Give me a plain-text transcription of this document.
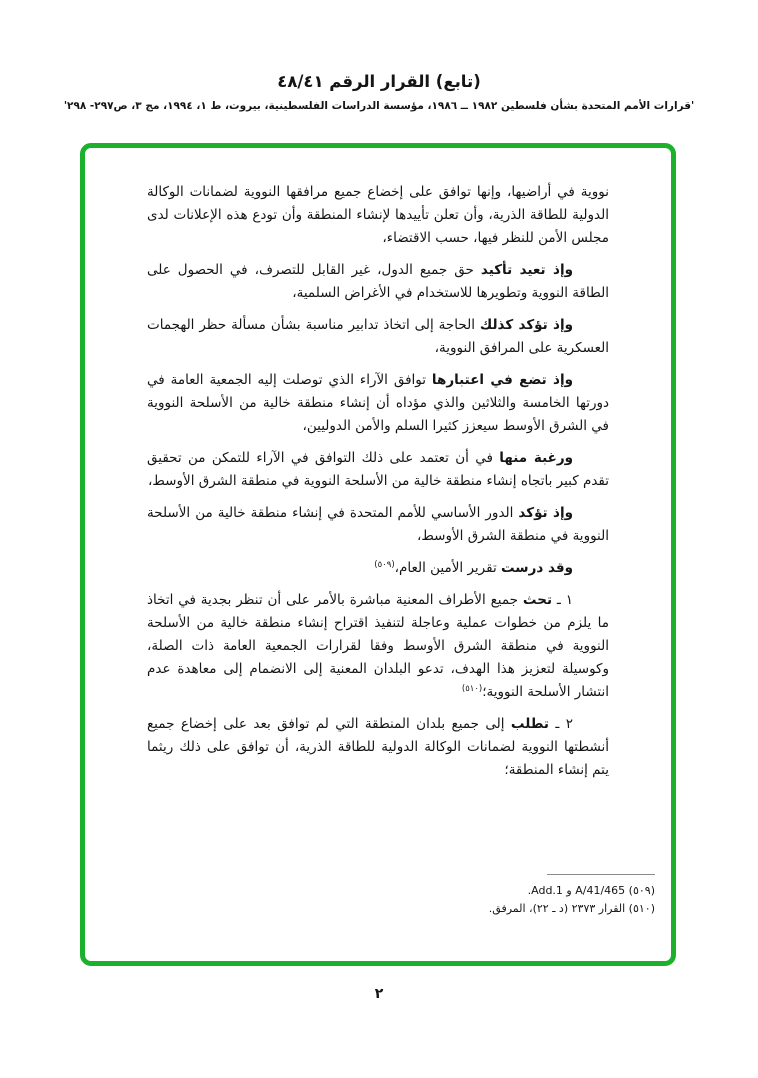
(تابع) القرار الرقم ٤٨/٤١
'قرارات الأمم المتحدة بشأن فلسطين ١٩٨٢ ــ ١٩٨٦، مؤسسة الدراسات الفلسطينية، بيروت، ط ١، ١٩٩٤، مج ٣، ص٢٩٧- ٢٩٨'

نووية في أراضيها، وإنها توافق على إخضاع جميع مرافقها النووية لضمانات الوكالة الدولية للطاقة الذرية، وأن تعلن تأييدها لإنشاء المنطقة وأن تودع هذه الإعلانات لدى مجلس الأمن للنظر فيها، حسب الاقتضاء،

وإذ تعيد تأكيد حق جميع الدول، غير القابل للتصرف، في الحصول على الطاقة النووية وتطويرها للاستخدام في الأغراض السلمية،

وإذ تؤكد كذلك الحاجة إلى اتخاذ تدابير مناسبة بشأن مسألة حظر الهجمات العسكرية على المرافق النووية،

وإذ تضع في اعتبارها توافق الآراء الذي توصلت إليه الجمعية العامة في دورتها الخامسة والثلاثين والذي مؤداه أن إنشاء منطقة خالية من الأسلحة النووية في الشرق الأوسط سيعزز كثيرا السلم والأمن الدوليين،

ورغبة منها في أن تعتمد على ذلك التوافق في الآراء للتمكن من تحقيق تقدم كبير باتجاه إنشاء منطقة خالية من الأسلحة النووية في منطقة الشرق الأوسط،

وإذ تؤكد الدور الأساسي للأمم المتحدة في إنشاء منطقة خالية من الأسلحة النووية في منطقة الشرق الأوسط،

وقد درست تقرير الأمين العام،$^{(٥٠٩)}$

١ ـ تحث جميع الأطراف المعنية مباشرة بالأمر على أن تنظر بجدية في اتخاذ ما يلزم من خطوات عملية وعاجلة لتنفيذ اقتراح إنشاء منطقة خالية من الأسلحة النووية في منطقة الشرق الأوسط وفقا لقرارات الجمعية العامة ذات الصلة، وكوسيلة لتعزيز هذا الهدف، تدعو البلدان المعنية إلى الانضمام إلى معاهدة عدم انتشار الأسلحة النووية؛$^{(٥١٠)}$

٢ ـ تطلب إلى جميع بلدان المنطقة التي لم توافق بعد على إخضاع جميع أنشطتها النووية لضمانات الوكالة الدولية للطاقة الذرية، أن توافق على ذلك ريثما يتم إنشاء المنطقة؛

(٥٠٩) A/41/465 و Add.1.
(٥١٠) القرار ٢٣٧٣ (د ـ ٢٢)، المرفق.
٢
